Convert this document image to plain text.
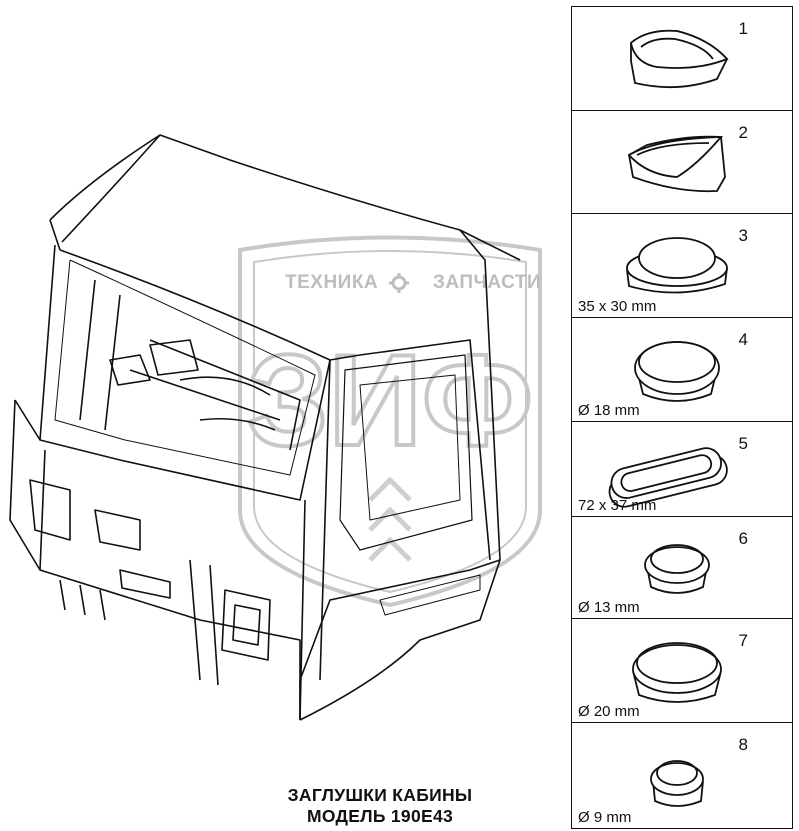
ЗИФ
ТЕХНИКА	ЗАПЧАСТИ
1
2
3
35 x 30 mm
4
Ø 18 mm
5
72 x 37 mm
6
Ø 13 mm
7
Ø 20 mm
8
Ø 9 mm
ЗАГЛУШКИ КАБИНЫ
МОДЕЛЬ 190Е43
